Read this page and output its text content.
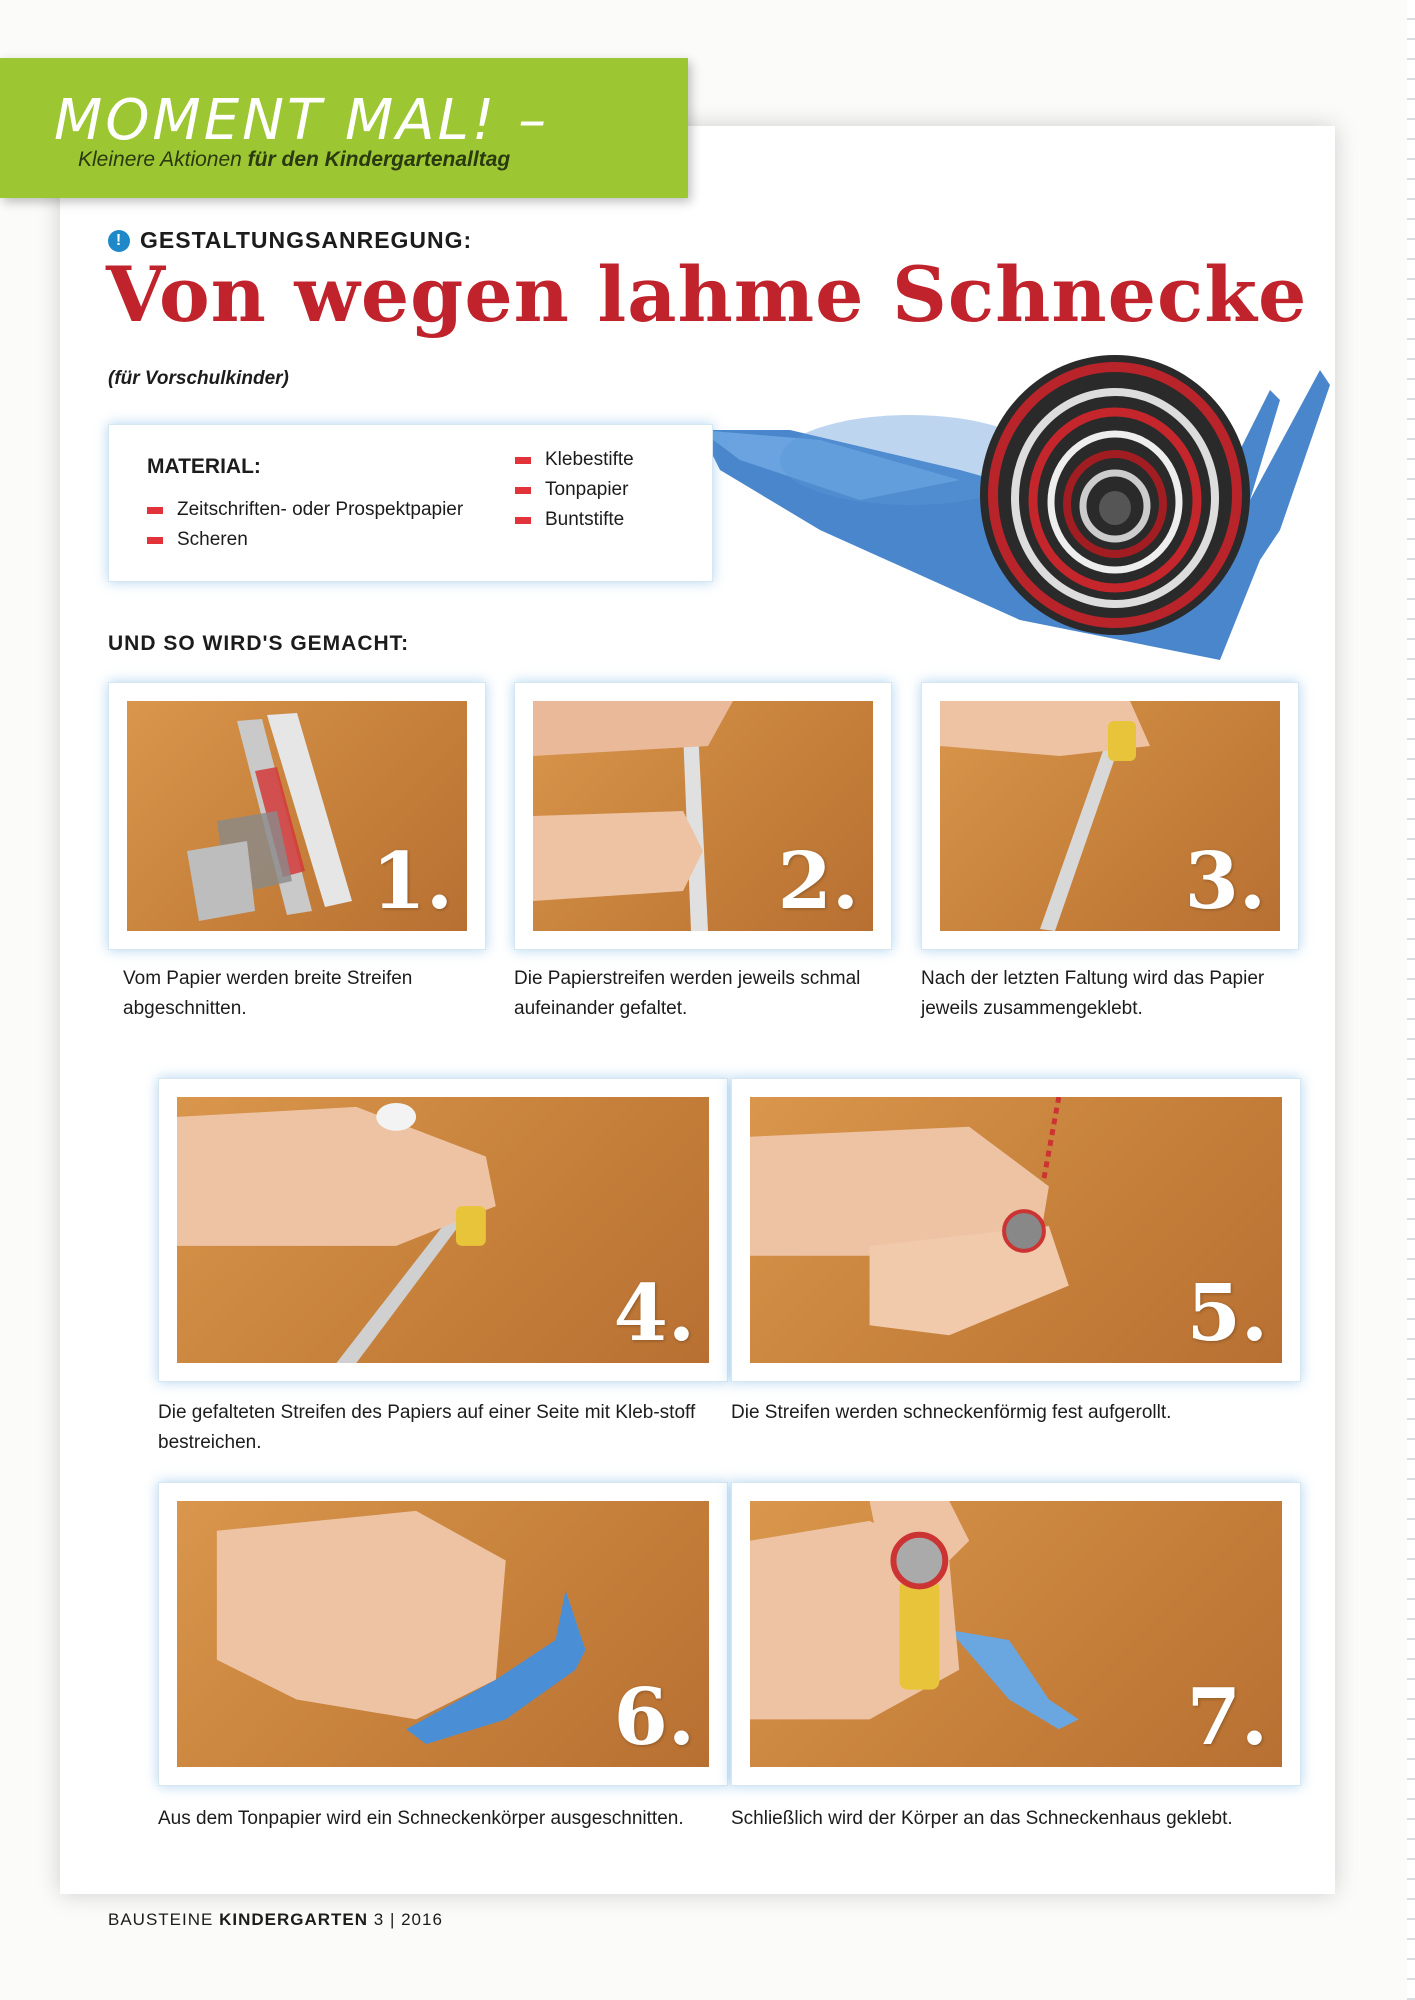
MOMENT MAL! –
Kleinere Aktionen für den Kindergartenalltag
! GESTALTUNGSANREGUNG:
Von wegen lahme Schnecke
(für Vorschulkinder)
MATERIAL:
Zeitschriften- oder Prospektpapier
Scheren
Klebestifte
Tonpapier
Buntstifte
UND SO WIRD'S GEMACHT:
1.
Vom Papier werden breite Streifen abgeschnitten.
2.
Die Papierstreifen werden jeweils schmal aufeinander gefaltet.
3.
Nach der letzten Faltung wird das Papier jeweils zusammengeklebt.
4.
Die gefalteten Streifen des Papiers auf einer Seite mit Kleb-stoff bestreichen.
5.
Die Streifen werden schneckenförmig fest aufgerollt.
6.
Aus dem Tonpapier wird ein Schneckenkörper ausgeschnitten.
7.
Schließlich wird der Körper an das Schneckenhaus geklebt.
BAUSTEINE KINDERGARTEN 3 | 2016
